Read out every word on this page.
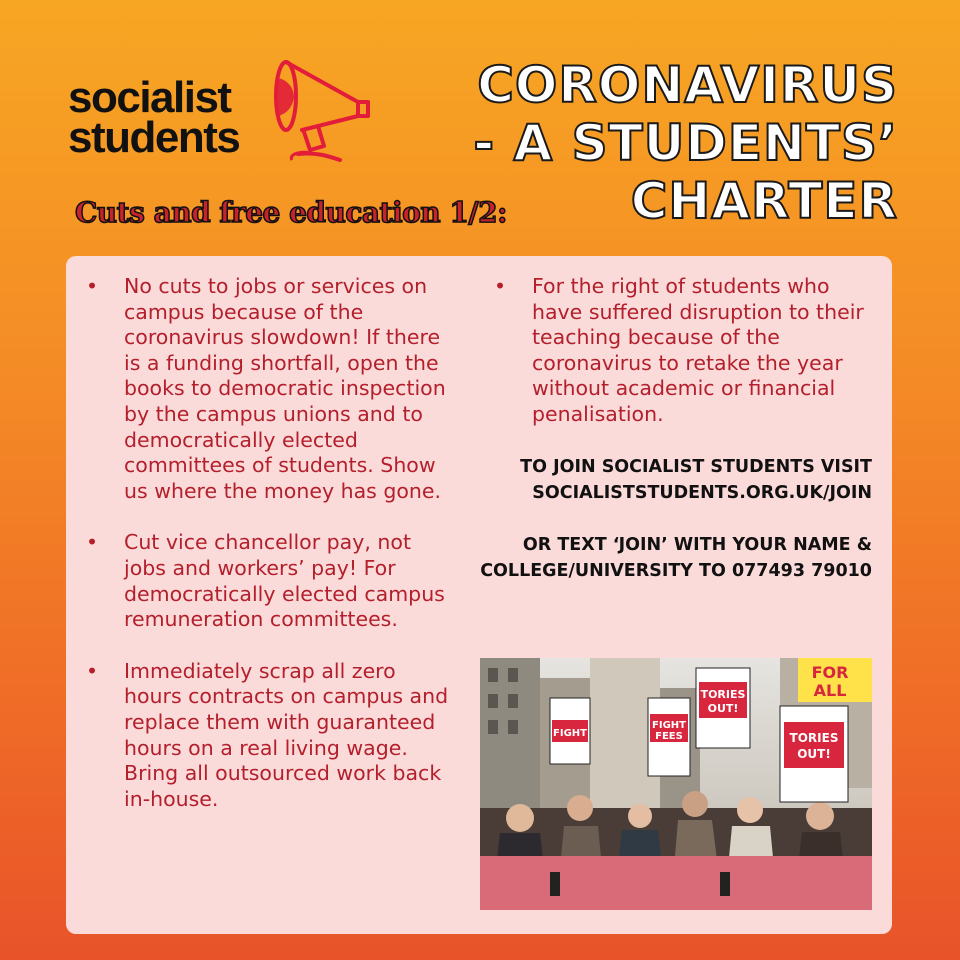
socialist
students
CORONAVIRUS
- A STUDENTS’
CHARTER
Cuts and free education 1/2:
•	No cuts to jobs or services on campus because of the coronavirus slowdown! If there is a funding shortfall, open the books to democratic inspection by the campus unions and to democratically elected committees of students. Show us where the money has gone.
•	Cut vice chancellor pay, not jobs and workers’ pay! For democratically elected campus remuneration committees.
•	Immediately scrap all zero hours contracts on campus and replace them with guaranteed hours on a real living wage. Bring all outsourced work back in-house.
•	For the right of students who have suffered disruption to their teaching because of the coronavirus to retake the year without academic or financial penalisation.

TO JOIN SOCIALIST STUDENTS VISIT
SOCIALISTSTUDENTS.ORG.UK/JOIN

OR TEXT ‘JOIN’ WITH YOUR NAME & COLLEGE/UNIVERSITY TO 077493 79010

FIGHT
FIGHT
FEES
TORIES
OUT!
TORIES
OUT!
FOR
ALL
